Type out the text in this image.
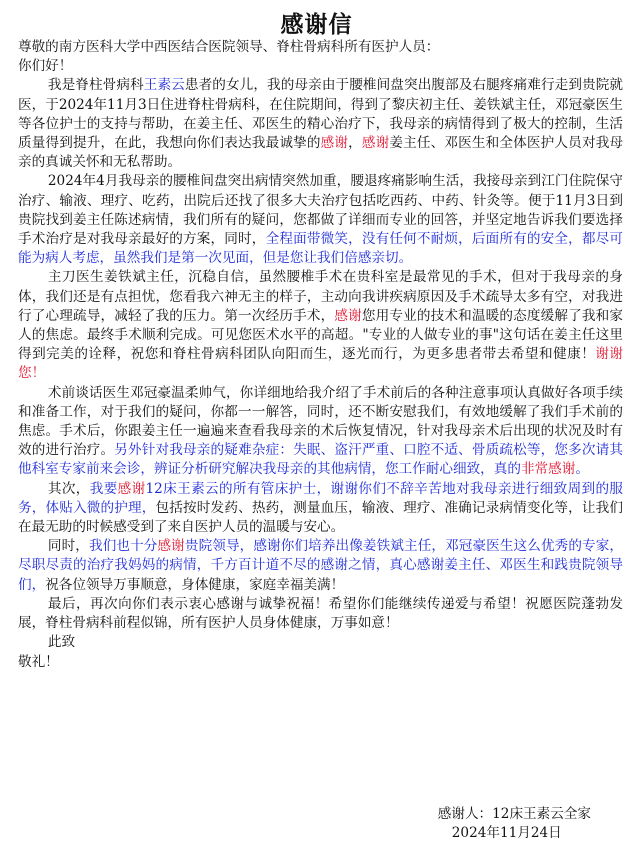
感谢信

尊敬的南方医科大学中西医结合医院领导、脊柱骨病科所有医护人员：

你们好！

我是脊柱骨病科王素云患者的女儿，我的母亲由于腰椎间盘突出腹部及右腿疼痛难行走到贵院就医，于2024年11月3日住进脊柱骨病科，在住院期间，得到了黎庆初主任、姜铁斌主任，邓冠豪医生等各位护士的支持与帮助，在姜主任、邓医生的精心治疗下，我母亲的病情得到了极大的控制，生活质量得到提升，在此，我想向你们表达我最诚挚的感谢，感谢姜主任、邓医生和全体医护人员对我母亲的真诚关怀和无私帮助。

2024年4月我母亲的腰椎间盘突出病情突然加重，腰退疼痛影响生活，我接母亲到江门住院保守治疗、输液、理疗、吃药，出院后还找了很多大夫治疗包括吃西药、中药、针灸等。便于11月3日到贵院找到姜主任陈述病情，我们所有的疑问，您都做了详细而专业的回答，并坚定地告诉我们要选择手术治疗是对我母亲最好的方案，同时，全程面带微笑，没有任何不耐烦，后面所有的安全，都尽可能为病人考虑，虽然我们是第一次见面，但是您让我们倍感亲切。

主刀医生姜铁斌主任，沉稳自信，虽然腰椎手术在贵科室是最常见的手术，但对于我母亲的身体，我们还是有点担忧，您看我六神无主的样子，主动向我讲疾病原因及手术疏导太多有空，对我进行了心理疏导，减轻了我的压力。第一次经历手术，感谢您用专业的技术和温暖的态度缓解了我和家人的焦虑。最终手术顺利完成。可见您医术水平的高超。"专业的人做专业的事"这句话在姜主任这里得到完美的诠释，祝您和脊柱骨病科团队向阳而生，逐光而行，为更多患者带去希望和健康！谢谢您！

术前谈话医生邓冠豪温柔帅气，你详细地给我介绍了手术前后的各种注意事项认真做好各项手续和准备工作，对于我们的疑问，你都一一解答，同时，还不断安慰我们，有效地缓解了我们手术前的焦虑。手术后，你跟姜主任一遍遍来查看我母亲的术后恢复情况，针对我母亲术后出现的状况及时有效的进行治疗。另外针对我母亲的疑难杂症：失眠、盗汗严重、口腔不适、骨质疏松等，您多次请其他科室专家前来会诊，辨证分析研究解决我母亲的其他病情，您工作耐心细致，真的非常感谢。

其次，我要感谢12床王素云的所有管床护士，谢谢你们不辞辛苦地对我母亲进行细致周到的服务，体贴入微的护理，包括按时发药、热药，测量血压，输液、理疗、准确记录病情变化等，让我们在最无助的时候感受到了来自医护人员的温暖与安心。

同时，我们也十分感谢贵院领导，感谢你们培养出像姜铁斌主任，邓冠豪医生这么优秀的专家，尽职尽责的治疗我妈妈的病情，千方百计道不尽的感谢之情，真心感谢姜主任、邓医生和践贵院领导们，祝各位领导万事顺意，身体健康，家庭幸福美满！

最后，再次向你们表示衷心感谢与诚挚祝福！希望你们能继续传递爱与希望！祝愿医院蓬勃发展，脊柱骨病科前程似锦，所有医护人员身体健康，万事如意！

此致

敬礼！

感谢人：12床王素云全家
2024年11月24日
